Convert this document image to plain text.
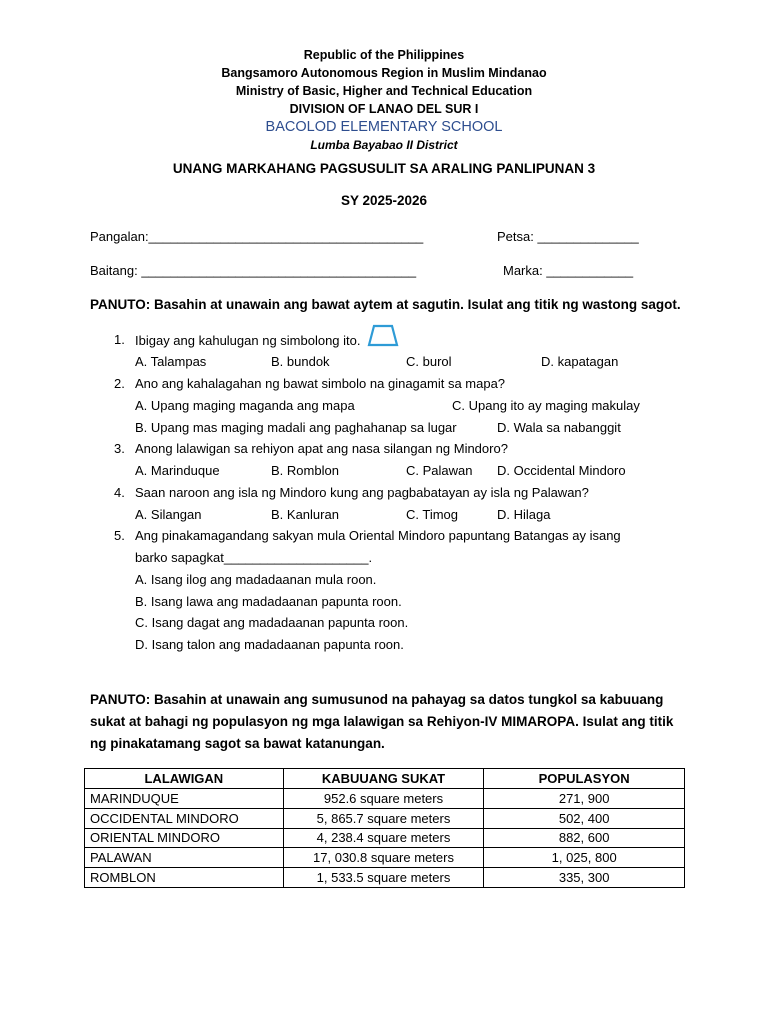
Republic of the Philippines
Bangsamoro Autonomous Region in Muslim Mindanao
Ministry of Basic, Higher and Technical Education
DIVISION OF LANAO DEL SUR I
BACOLOD ELEMENTARY SCHOOL
Lumba Bayabao II District
UNANG MARKAHANG PAGSUSULIT SA ARALING PANLIPUNAN 3
SY 2025-2026
Pangalan:______________________________________	Petsa: ______________
Baitang: ______________________________________	Marka: ____________
PANUTO: Basahin at unawain ang bawat aytem at sagutin. Isulat ang titik ng wastong sagot.
1. Ibigay ang kahulugan ng simbolong ito.
A. Talampas	B. bundok	C. burol	D. kapatagan
2. Ano ang kahalagahan ng bawat simbolo na ginagamit sa mapa?
A. Upang maging maganda ang mapa	C. Upang ito ay maging makulay
B. Upang mas maging madali ang paghahanap sa lugar	D. Wala sa nabanggit
3. Anong lalawigan sa rehiyon apat ang nasa silangan ng Mindoro?
A. Marinduque	B. Romblon	C. Palawan D. Occidental Mindoro
4. Saan naroon ang isla ng Mindoro kung ang pagbabatayan ay isla ng Palawan?
A. Silangan	B. Kanluran	C. Timog	D. Hilaga
5. Ang pinakamagandang sakyan mula Oriental Mindoro papuntang Batangas ay isang
barko sapagkat____________________.
A. Isang ilog ang madadaanan mula roon.
B. Isang lawa ang madadaanan papunta roon.
C. Isang dagat ang madadaanan papunta roon.
D. Isang talon ang madadaanan papunta roon.
PANUTO: Basahin at unawain ang sumusunod na pahayag sa datos tungkol sa kabuuang
sukat at bahagi ng populasyon ng mga lalawigan sa Rehiyon-IV MIMAROPA. Isulat ang titik
ng pinakatamang sagot sa bawat katanungan.
LALAWIGAN	KABUUANG SUKAT	POPULASYON
MARINDUQUE	952.6 square meters	271, 900
OCCIDENTAL MINDORO	5, 865.7 square meters	502, 400
ORIENTAL MINDORO	4, 238.4 square meters	882, 600
PALAWAN	17, 030.8 square meters	1, 025, 800
ROMBLON	1, 533.5 square meters	335, 300
